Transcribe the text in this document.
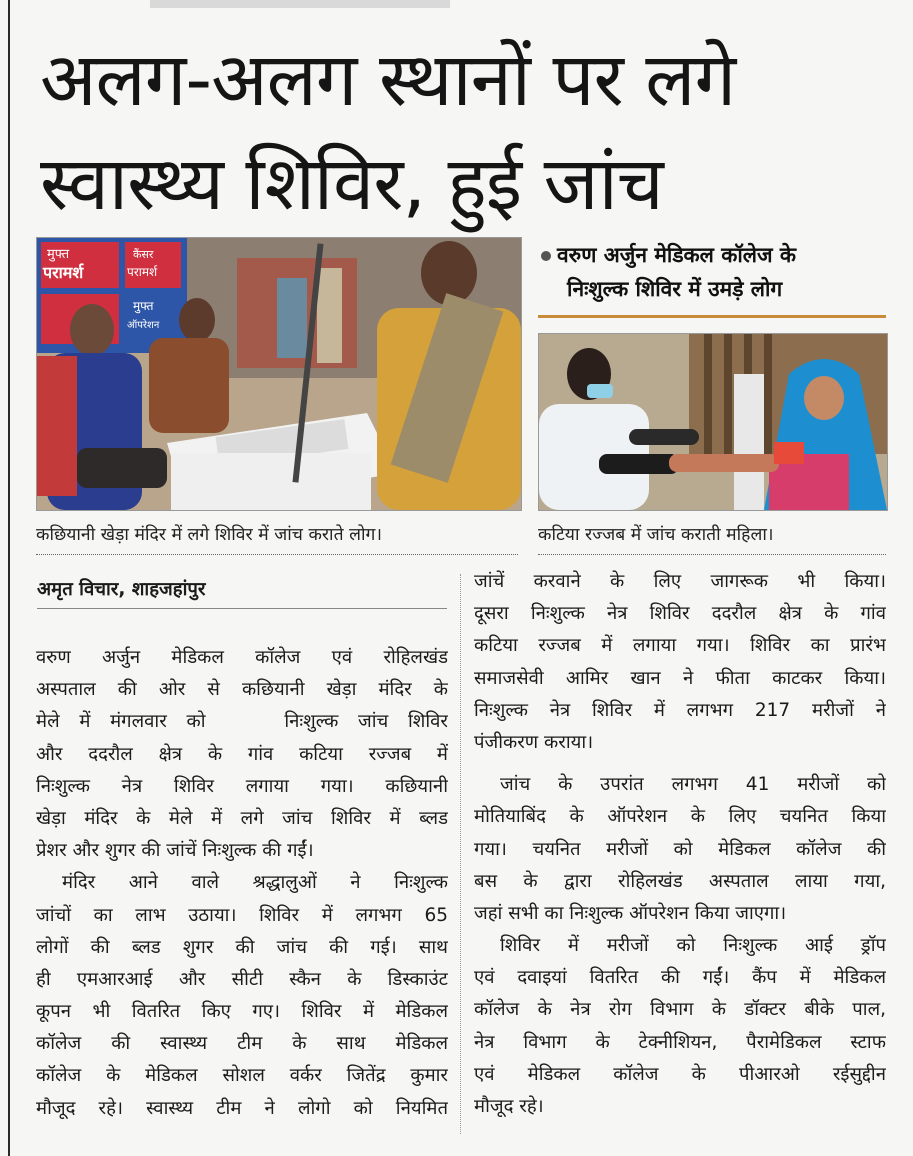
अलग-अलग स्थानों पर लगे
स्वास्थ्य शिविर, हुई जांच
मुफ्त
परामर्श
कैंसर
परामर्श
मुफ्त
ऑपरेशन
वरुण अर्जुन मेडिकल कॉलेज के
निःशुल्क शिविर में उमड़े लोग
कछियानी खेड़ा मंदिर में लगे शिविर में जांच कराते लोग।	कटिया रज्जब में जांच कराती महिला।
अमृत विचार, शाहजहांपुर

वरुण अर्जुन मेडिकल कॉलेज एवं रोहिलखंड
अस्पताल की ओर से कछियानी खेड़ा मंदिर के
मेले में मंगलवार को    निःशुल्क जांच शिविर
और ददरौल क्षेत्र के गांव कटिया रज्जब में
निःशुल्क नेत्र शिविर लगाया गया। कछियानी
खेड़ा मंदिर के मेले में लगे जांच शिविर में ब्लड
प्रेशर और शुगर की जांचें निःशुल्क की गईं।

मंदिर आने वाले श्रद्धालुओं ने निःशुल्क
जांचों का लाभ उठाया। शिविर में लगभग 65
लोगों की ब्लड शुगर की जांच की गई। साथ
ही एमआरआई और सीटी स्कैन के डिस्काउंट
कूपन भी वितरित किए गए। शिविर में मेडिकल
कॉलेज की स्वास्थ्य टीम के साथ मेडिकल
कॉलेज के मेडिकल सोशल वर्कर जितेंद्र कुमार
मौजूद रहे। स्वास्थ्य टीम ने लोगो को नियमित

जांचें करवाने के लिए जागरूक भी किया।
दूसरा निःशुल्क नेत्र शिविर ददरौल क्षेत्र के गांव
कटिया रज्जब में लगाया गया। शिविर का प्रारंभ
समाजसेवी आमिर खान ने फीता काटकर किया।
निःशुल्क नेत्र शिविर में लगभग 217 मरीजों ने
पंजीकरण कराया।

जांच के उपरांत लगभग 41 मरीजों को
मोतियाबिंद के ऑपरेशन के लिए चयनित किया
गया। चयनित मरीजों को मेडिकल कॉलेज की
बस के द्वारा रोहिलखंड अस्पताल लाया गया,
जहां सभी का निःशुल्क ऑपरेशन किया जाएगा।

शिविर में मरीजों को निःशुल्क आई ड्रॉप
एवं दवाइयां वितरित की गईं। कैंप में मेडिकल
कॉलेज के नेत्र रोग विभाग के डॉक्टर बीके पाल,
नेत्र विभाग के टेक्नीशियन, पैरामेडिकल स्टाफ
एवं मेडिकल कॉलेज के पीआरओ रईसुद्दीन
मौजूद रहे।
